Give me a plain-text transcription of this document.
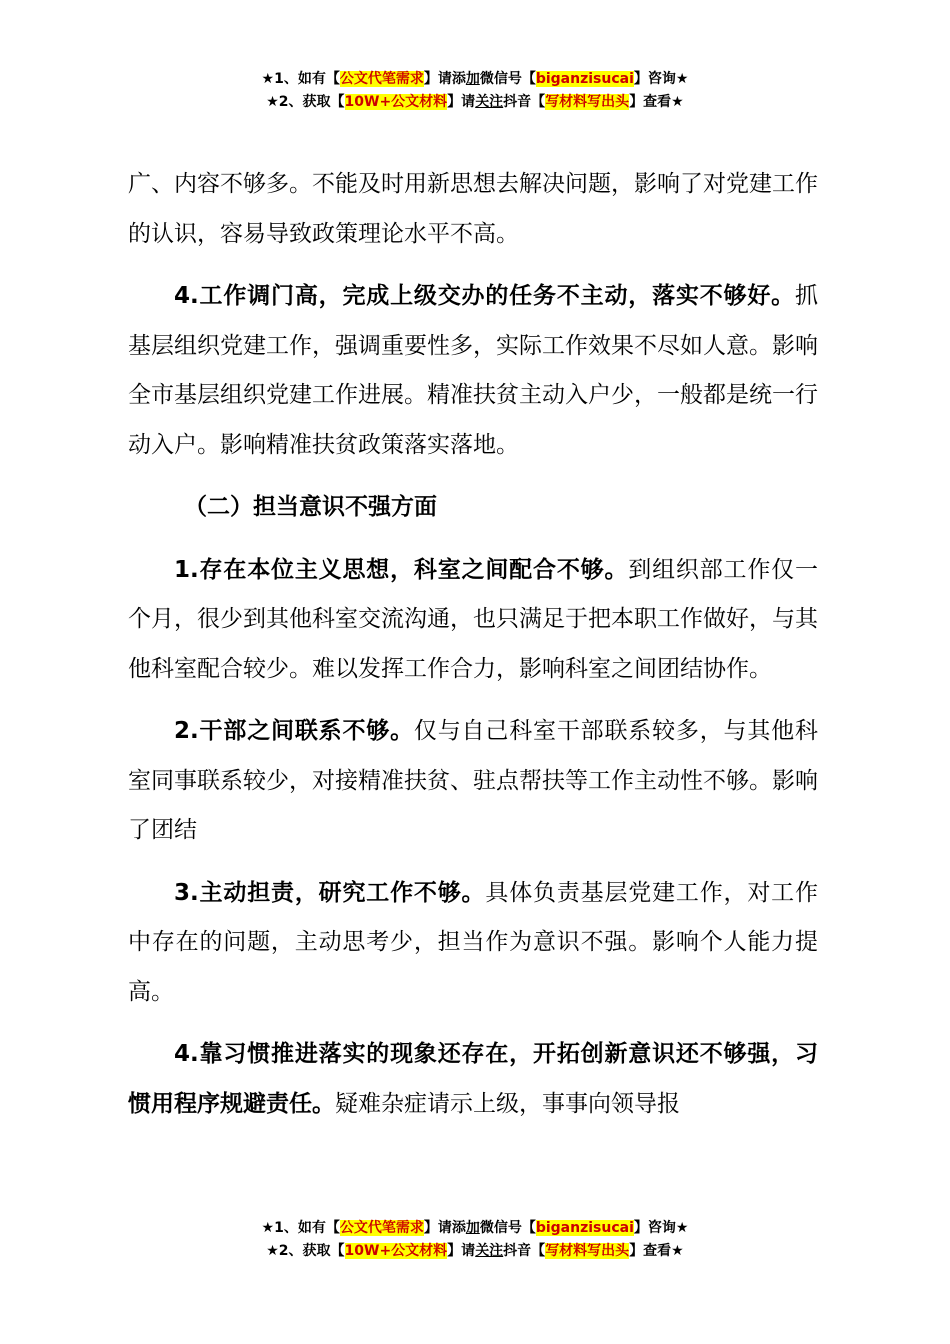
★1、如有【公文代笔需求】请添加微信号【biganzisucai】咨询★
★2、获取【10W+公文材料】请关注抖音【写材料写出头】查看★

广、内容不够多。不能及时用新思想去解决问题，影响了对党建工作的认识，容易导致政策理论水平不高。

4.工作调门高，完成上级交办的任务不主动，落实不够好。抓基层组织党建工作，强调重要性多，实际工作效果不尽如人意。影响全市基层组织党建工作进展。精准扶贫主动入户少，一般都是统一行动入户。影响精准扶贫政策落实落地。

（二）担当意识不强方面

1.存在本位主义思想，科室之间配合不够。到组织部工作仅一个月，很少到其他科室交流沟通，也只满足于把本职工作做好，与其他科室配合较少。难以发挥工作合力，影响科室之间团结协作。

2.干部之间联系不够。仅与自己科室干部联系较多，与其他科室同事联系较少，对接精准扶贫、驻点帮扶等工作主动性不够。影响了团结

3.主动担责，研究工作不够。具体负责基层党建工作，对工作中存在的问题，主动思考少，担当作为意识不强。影响个人能力提高。

4.靠习惯推进落实的现象还存在，开拓创新意识还不够强，习惯用程序规避责任。疑难杂症请示上级，事事向领导报

★1、如有【公文代笔需求】请添加微信号【biganzisucai】咨询★
★2、获取【10W+公文材料】请关注抖音【写材料写出头】查看★
